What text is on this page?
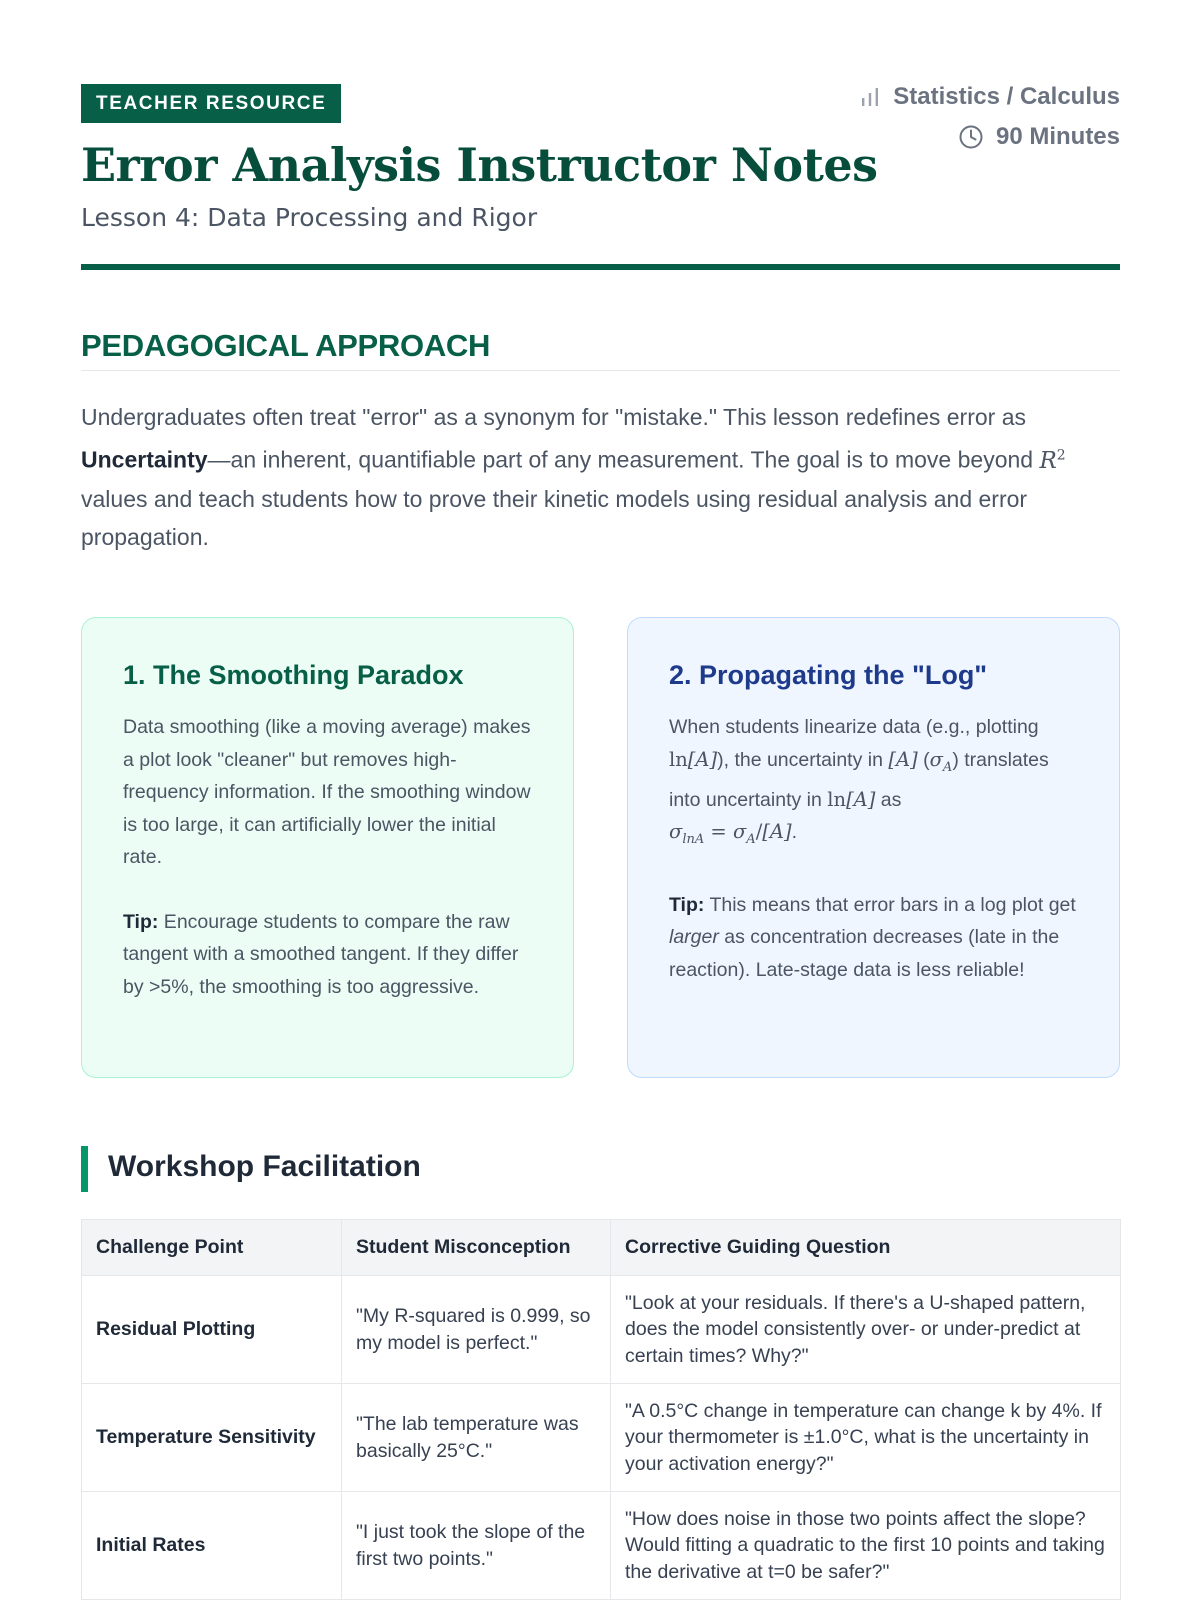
TEACHER RESOURCE
Error Analysis Instructor Notes
Lesson 4: Data Processing and Rigor
Statistics / Calculus
90 Minutes
PEDAGOGICAL APPROACH

Undergraduates often treat "error" as a synonym for "mistake." This lesson redefines error as Uncertainty—an inherent, quantifiable part of any measurement. The goal is to move beyond $R^2$ values and teach students how to prove their kinetic models using residual analysis and error propagation.

1. The Smoothing Paradox

Data smoothing (like a moving average) makes a plot look "cleaner" but removes high-frequency information. If the smoothing window is too large, it can artificially lower the initial rate.

Tip: Encourage students to compare the raw tangent with a smoothed tangent. If they differ by >5%, the smoothing is too aggressive.

2. Propagating the "Log"

When students linearize data (e.g., plotting ln[A]), the uncertainty in [A] $(\sigma_A)$ translates into uncertainty in ln[A] as
$\sigma_{lnA} = \sigma_A/[A]$.

Tip: This means that error bars in a log plot get larger as concentration decreases (late in the reaction). Late-stage data is less reliable!

Workshop Facilitation
Challenge Point	Student Misconception	Corrective Guiding Question
Residual Plotting	"My R-squared is 0.999, so my model is perfect."	"Look at your residuals. If there's a U-shaped pattern, does the model consistently over- or under-predict at certain times? Why?"
Temperature Sensitivity	"The lab temperature was basically 25°C."	"A 0.5°C change in temperature can change k by 4%. If your thermometer is ±1.0°C, what is the uncertainty in your activation energy?"
Initial Rates	"I just took the slope of the first two points."	"How does noise in those two points affect the slope? Would fitting a quadratic to the first 10 points and taking the derivative at t=0 be safer?"
